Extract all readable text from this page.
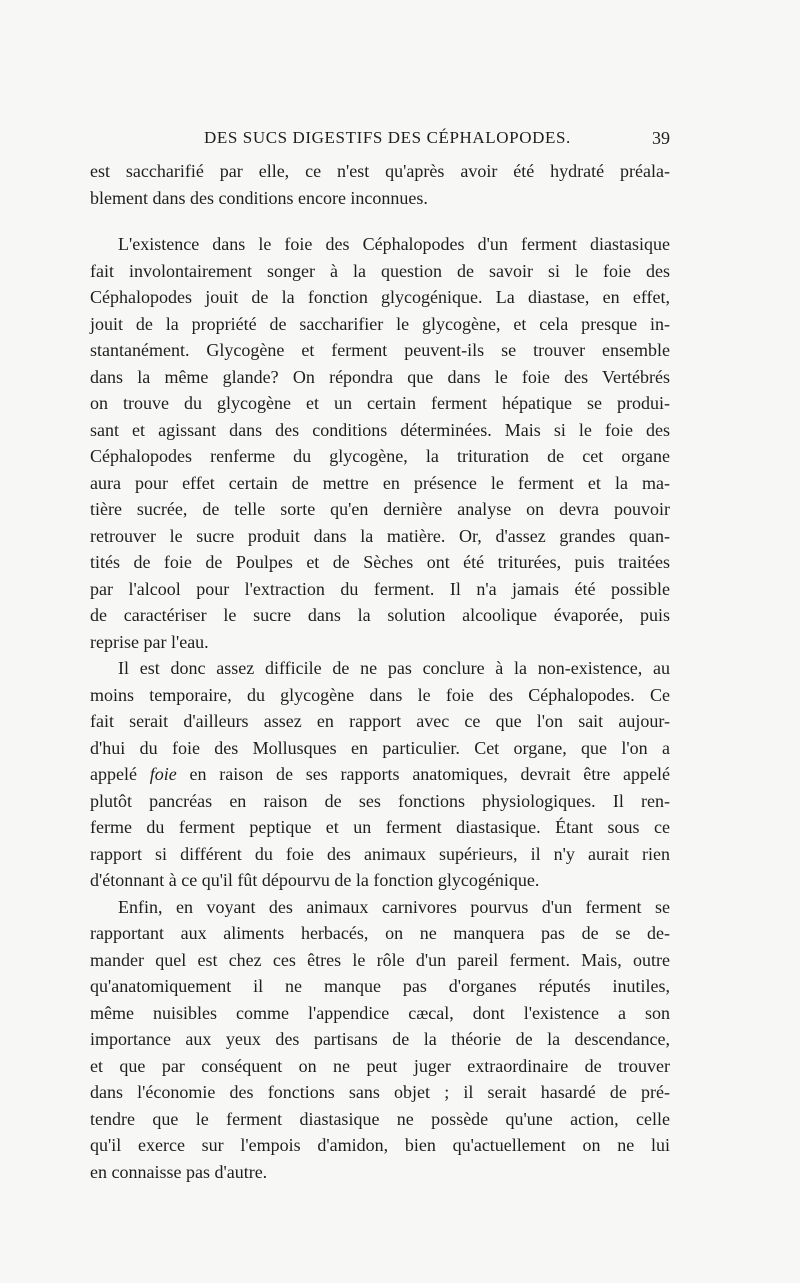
DES SUCS DIGESTIFS DES CÉPHALOPODES.	39
est saccharifié par elle, ce n'est qu'après avoir été hydraté préala-
blement dans des conditions encore inconnues.
L'existence dans le foie des Céphalopodes d'un ferment diastasique
fait involontairement songer à la question de savoir si le foie des
Céphalopodes jouit de la fonction glycogénique. La diastase, en effet,
jouit de la propriété de saccharifier le glycogène, et cela presque in-
stantanément. Glycogène et ferment peuvent-ils se trouver ensemble
dans la même glande? On répondra que dans le foie des Vertébrés
on trouve du glycogène et un certain ferment hépatique se produi-
sant et agissant dans des conditions déterminées. Mais si le foie des
Céphalopodes renferme du glycogène, la trituration de cet organe
aura pour effet certain de mettre en présence le ferment et la ma-
tière sucrée, de telle sorte qu'en dernière analyse on devra pouvoir
retrouver le sucre produit dans la matière. Or, d'assez grandes quan-
tités de foie de Poulpes et de Sèches ont été triturées, puis traitées
par l'alcool pour l'extraction du ferment. Il n'a jamais été possible
de caractériser le sucre dans la solution alcoolique évaporée, puis
reprise par l'eau.
Il est donc assez difficile de ne pas conclure à la non-existence, au
moins temporaire, du glycogène dans le foie des Céphalopodes. Ce
fait serait d'ailleurs assez en rapport avec ce que l'on sait aujour-
d'hui du foie des Mollusques en particulier. Cet organe, que l'on a
appelé foie en raison de ses rapports anatomiques, devrait être appelé
plutôt pancréas en raison de ses fonctions physiologiques. Il ren-
ferme du ferment peptique et un ferment diastasique. Étant sous ce
rapport si différent du foie des animaux supérieurs, il n'y aurait rien
d'étonnant à ce qu'il fût dépourvu de la fonction glycogénique.
Enfin, en voyant des animaux carnivores pourvus d'un ferment se
rapportant aux aliments herbacés, on ne manquera pas de se de-
mander quel est chez ces êtres le rôle d'un pareil ferment. Mais, outre
qu'anatomiquement il ne manque pas d'organes réputés inutiles,
même nuisibles comme l'appendice cæcal, dont l'existence a son
importance aux yeux des partisans de la théorie de la descendance,
et que par conséquent on ne peut juger extraordinaire de trouver
dans l'économie des fonctions sans objet ; il serait hasardé de pré-
tendre que le ferment diastasique ne possède qu'une action, celle
qu'il exerce sur l'empois d'amidon, bien qu'actuellement on ne lui
en connaisse pas d'autre.
